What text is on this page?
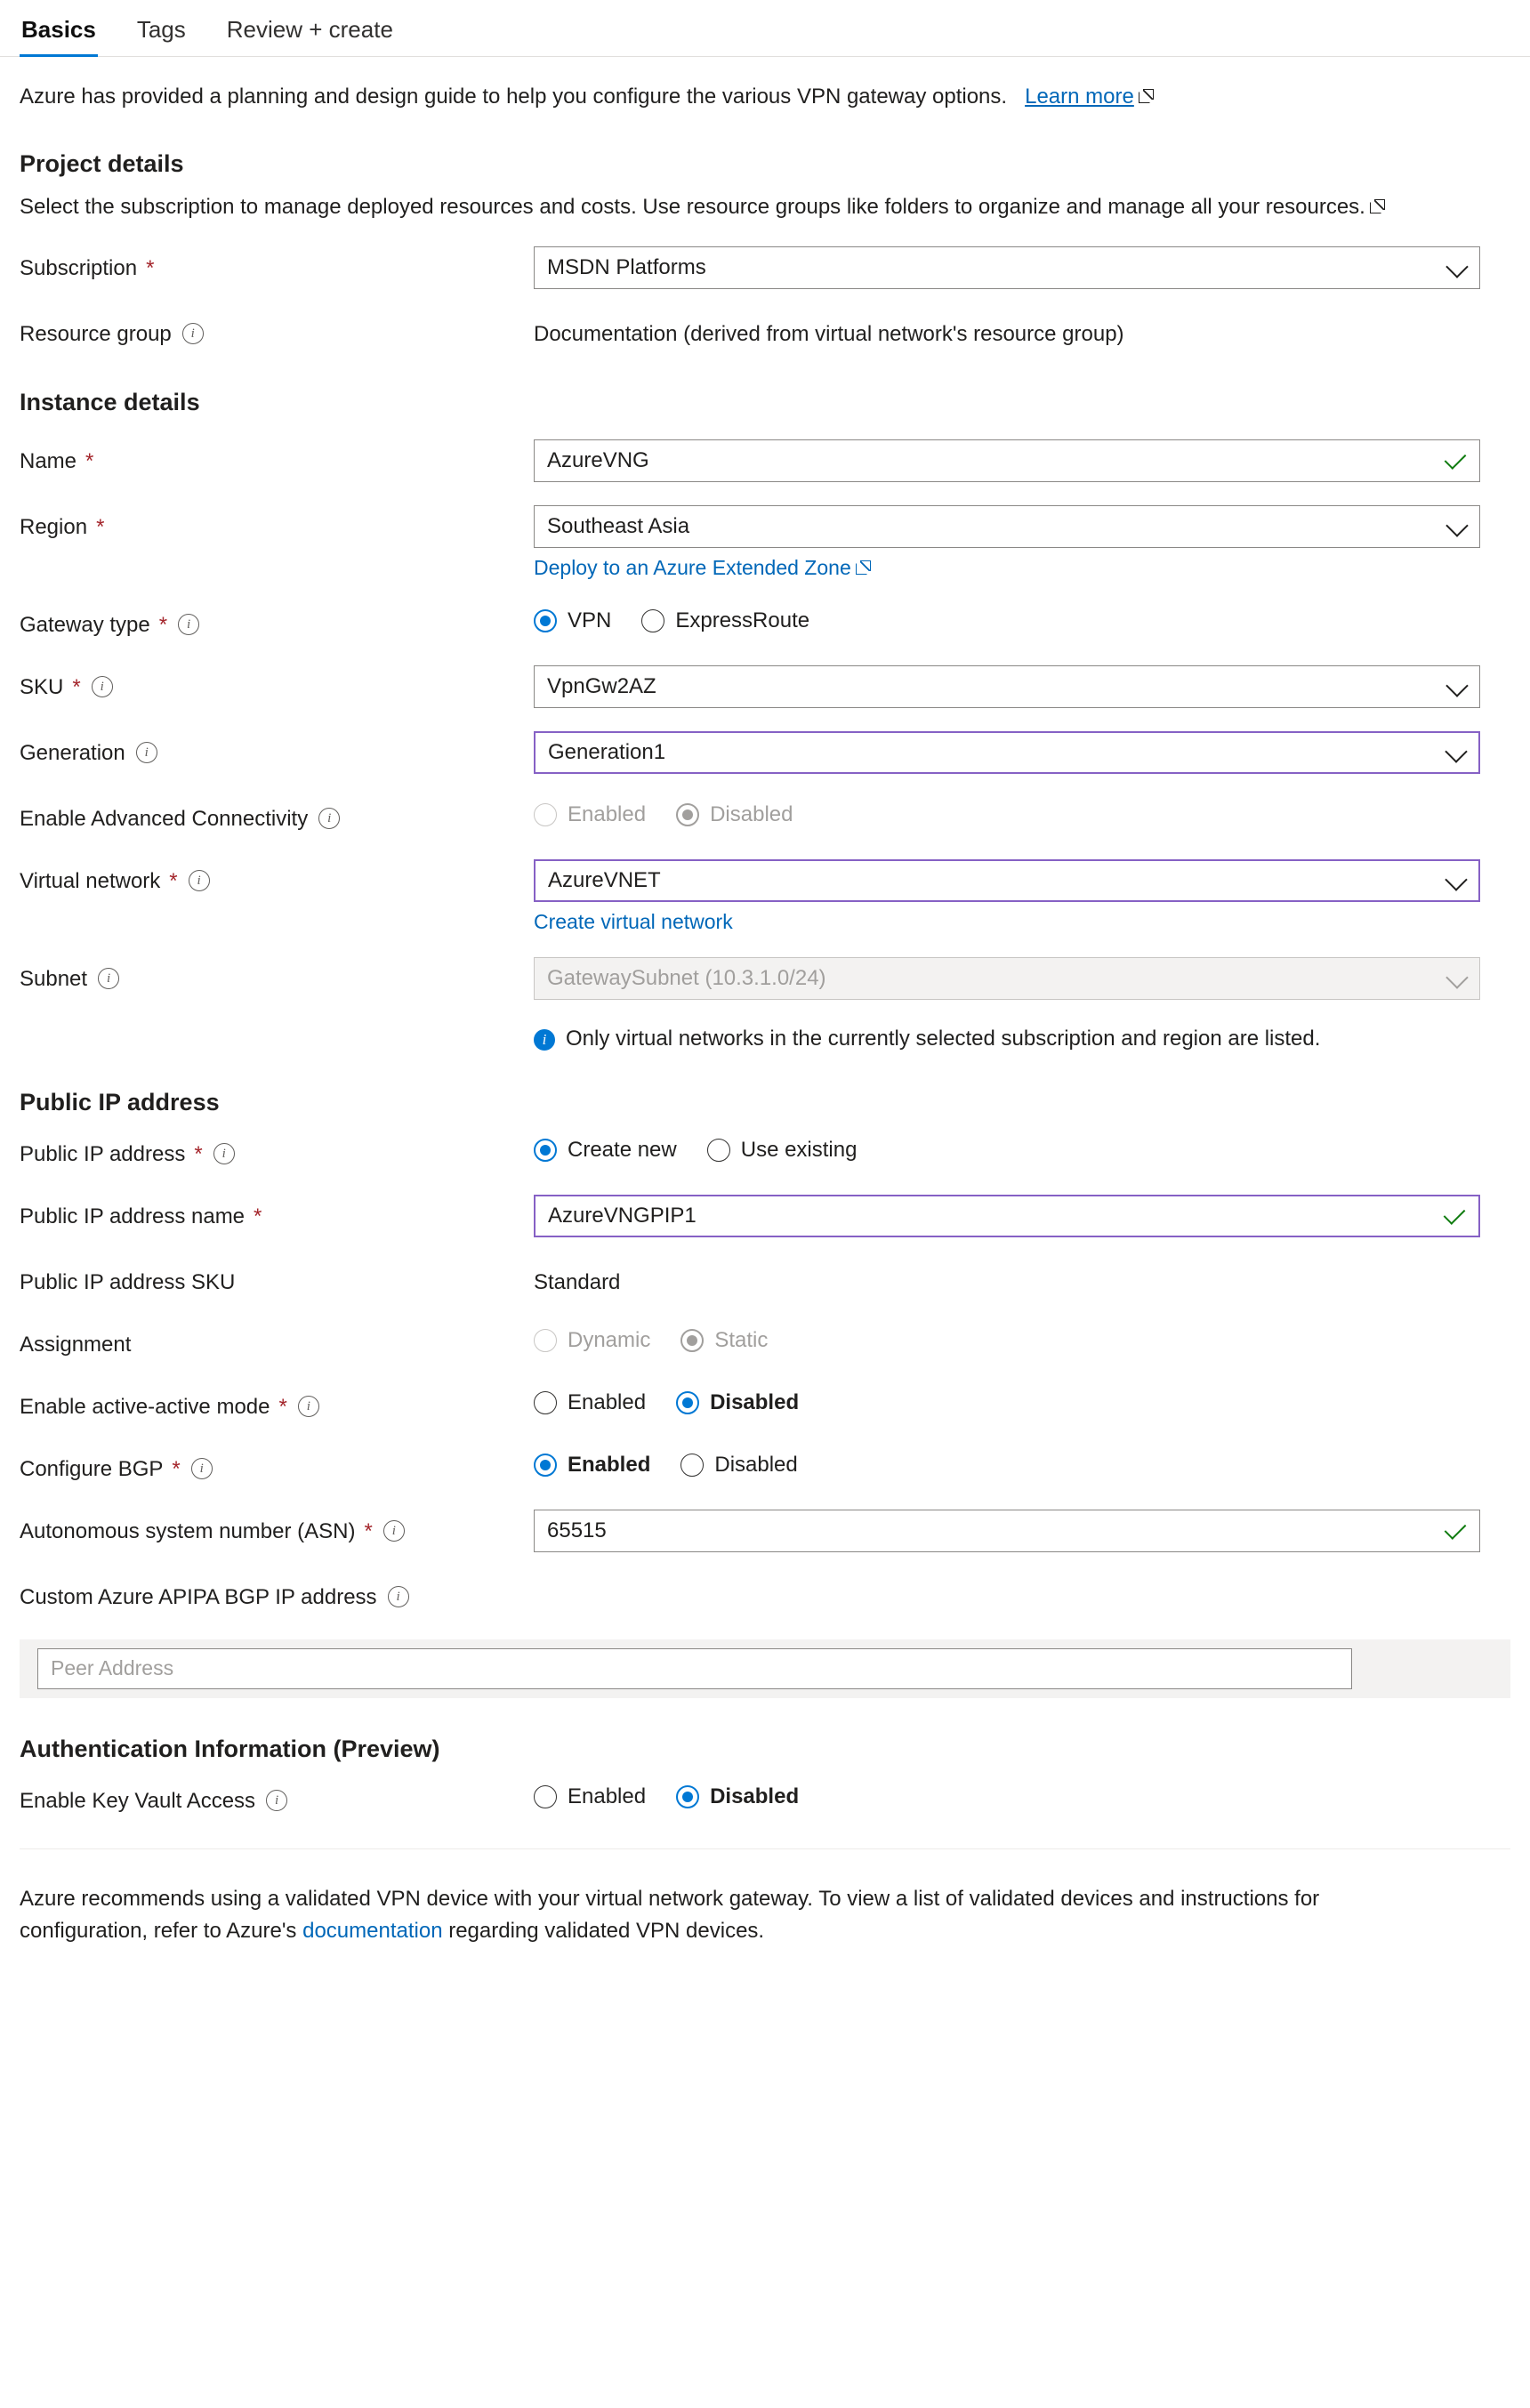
Basics Tags Review + create

Azure has provided a planning and design guide to help you configure the various VPN gateway options. Learn more

Project details

Select the subscription to manage deployed resources and costs. Use resource groups like folders to organize and manage all your resources.

Subscription *	MSDN Platforms
Resource group	i	Documentation (derived from virtual network's resource group)
Instance details
Name *	AzureVNG
Region *	Southeast Asia
Deploy to an Azure Extended Zone
Gateway type *	i	VPN	ExpressRoute
SKU *	i	VpnGw2AZ
Generation	i	Generation1
Enable Advanced Connectivity	i	Enabled	Disabled
Virtual network *	i	AzureVNET
Create virtual network
Subnet	i	GatewaySubnet (10.3.1.0/24)
i Only virtual networks in the currently selected subscription and region are listed.
Public IP address
Public IP address *	i	Create new	Use existing
Public IP address name *	AzureVNGPIP1
Public IP address SKU	Standard
Assignment	Dynamic	Static
Enable active-active mode *	i	Enabled	Disabled
Configure BGP *	i	Enabled	Disabled
Autonomous system number (ASN) *	i	65515
Custom Azure APIPA BGP IP address	i
Peer Address
Authentication Information (Preview)
Enable Key Vault Access	i	Enabled	Disabled

Azure recommends using a validated VPN device with your virtual network gateway. To view a list of validated devices and instructions for configuration, refer to Azure's documentation regarding validated VPN devices.
